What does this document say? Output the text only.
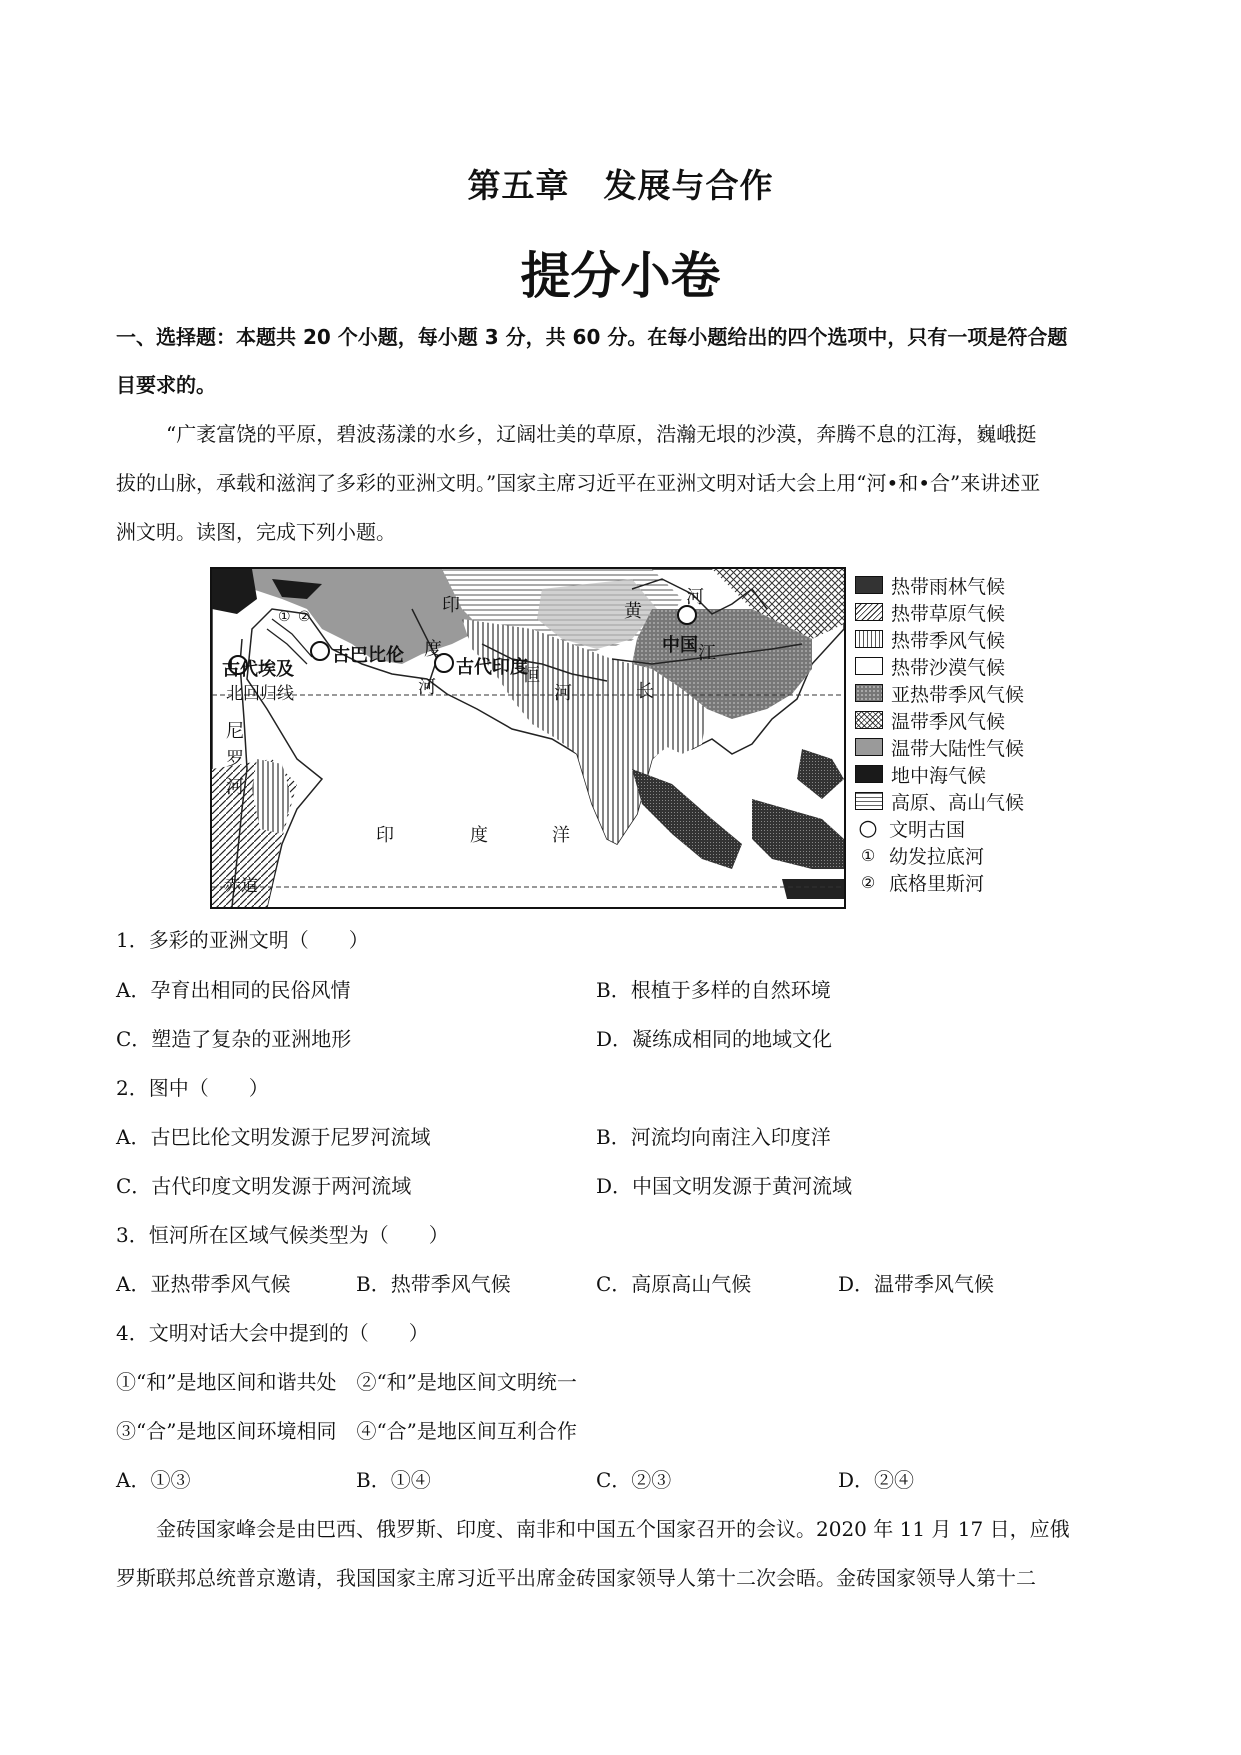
第五章　发展与合作
提分小卷
一、选择题：本题共 20 个小题，每小题 3 分，共 60 分。在每小题给出的四个选项中，只有一项是符合题
目要求的。
“广袤富饶的平原，碧波荡漾的水乡，辽阔壮美的草原，浩瀚无垠的沙漠，奔腾不息的江海，巍峨挺
拔的山脉，承载和滋润了多彩的亚洲文明。”国家主席习近平在亚洲文明对话大会上用“河•和•合”来讲述亚
洲文明。读图，完成下列小题。
古代埃及
古巴比伦
古代印度
中国
① ②
北回归线
赤道
尼
罗
河
印
度
河
恒
河
黄
河
长
江
印	度	洋
热带雨林气候
热带草原气候
热带季风气候
热带沙漠气候
亚热带季风气候
温带季风气候
温带大陆性气候
地中海气候
高原、高山气候
○ 文明古国
① 幼发拉底河
② 底格里斯河
1．多彩的亚洲文明（　　）
A．孕育出相同的民俗风情	B．根植于多样的自然环境
C．塑造了复杂的亚洲地形	D．凝练成相同的地域文化
2．图中（　　）
A．古巴比伦文明发源于尼罗河流域	B．河流均向南注入印度洋
C．古代印度文明发源于两河流域	D．中国文明发源于黄河流域
3．恒河所在区域气候类型为（　　）
A．亚热带季风气候	B．热带季风气候	C．高原高山气候	D．温带季风气候
4．文明对话大会中提到的（　　）
①“和”是地区间和谐共处　②“和”是地区间文明统一
③“合”是地区间环境相同　④“合”是地区间互利合作
A．①③	B．①④	C．②③	D．②④
金砖国家峰会是由巴西、俄罗斯、印度、南非和中国五个国家召开的会议。2020 年 11 月 17 日，应俄
罗斯联邦总统普京邀请，我国国家主席习近平出席金砖国家领导人第十二次会晤。金砖国家领导人第十二
